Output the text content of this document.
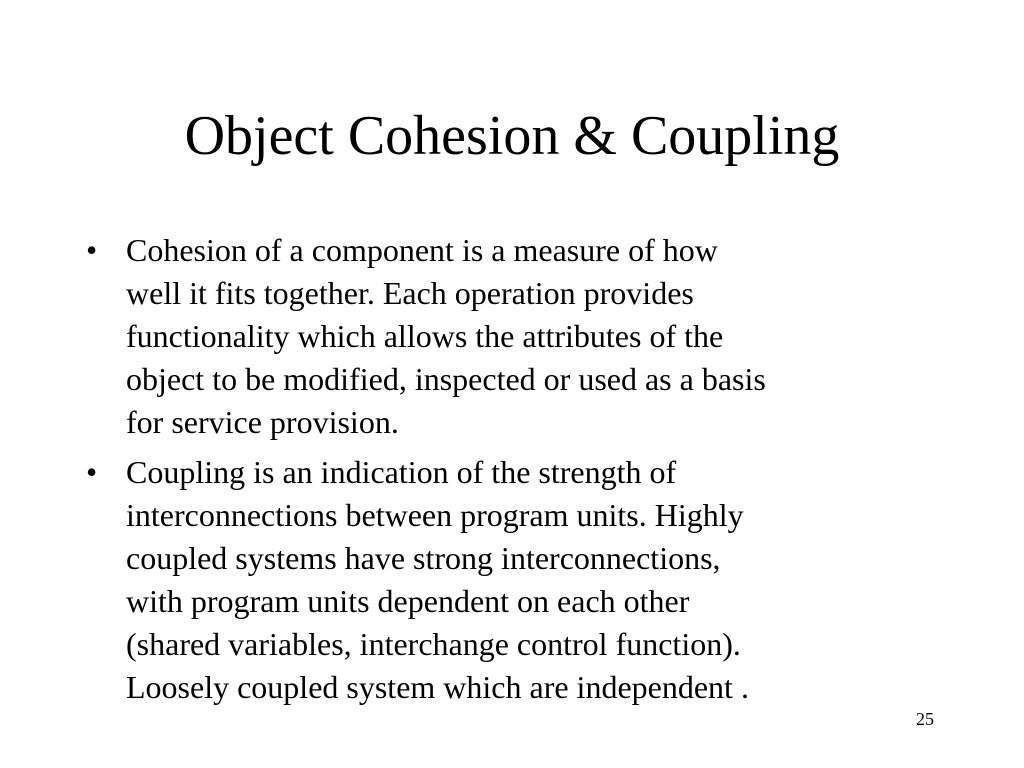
Object Cohesion & Coupling
• Cohesion of a component is a measure of how
well it fits together. Each operation provides
functionality which allows the attributes of the
object to be modified, inspected or used as a basis
for service provision.
• Coupling is an indication of the strength of
interconnections between program units. Highly
coupled systems have strong interconnections,
with program units dependent on each other
(shared variables, interchange control function).
Loosely coupled system which are independent .
25
